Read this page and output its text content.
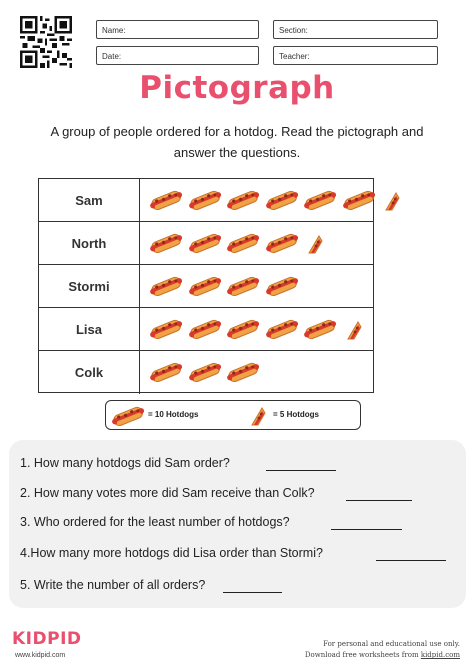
Name:	Section:
Date:	Teacher:
Pictograph
A group of people ordered for a hotdog. Read the pictograph and answer the questions.
Sam
North
Stormi
Lisa
Colk
= 10 Hotdogs	= 5 Hotdogs
1. How many hotdogs did Sam order?
2. How many votes more did Sam receive than Colk?
3. Who ordered for the least number of hotdogs?
4.How many more hotdogs did Lisa order than Stormi?
5. Write the number of all orders?
KIDPID
www.kidpid.com
For personal and educational use only.
Download free worksheets from kidpid.com
